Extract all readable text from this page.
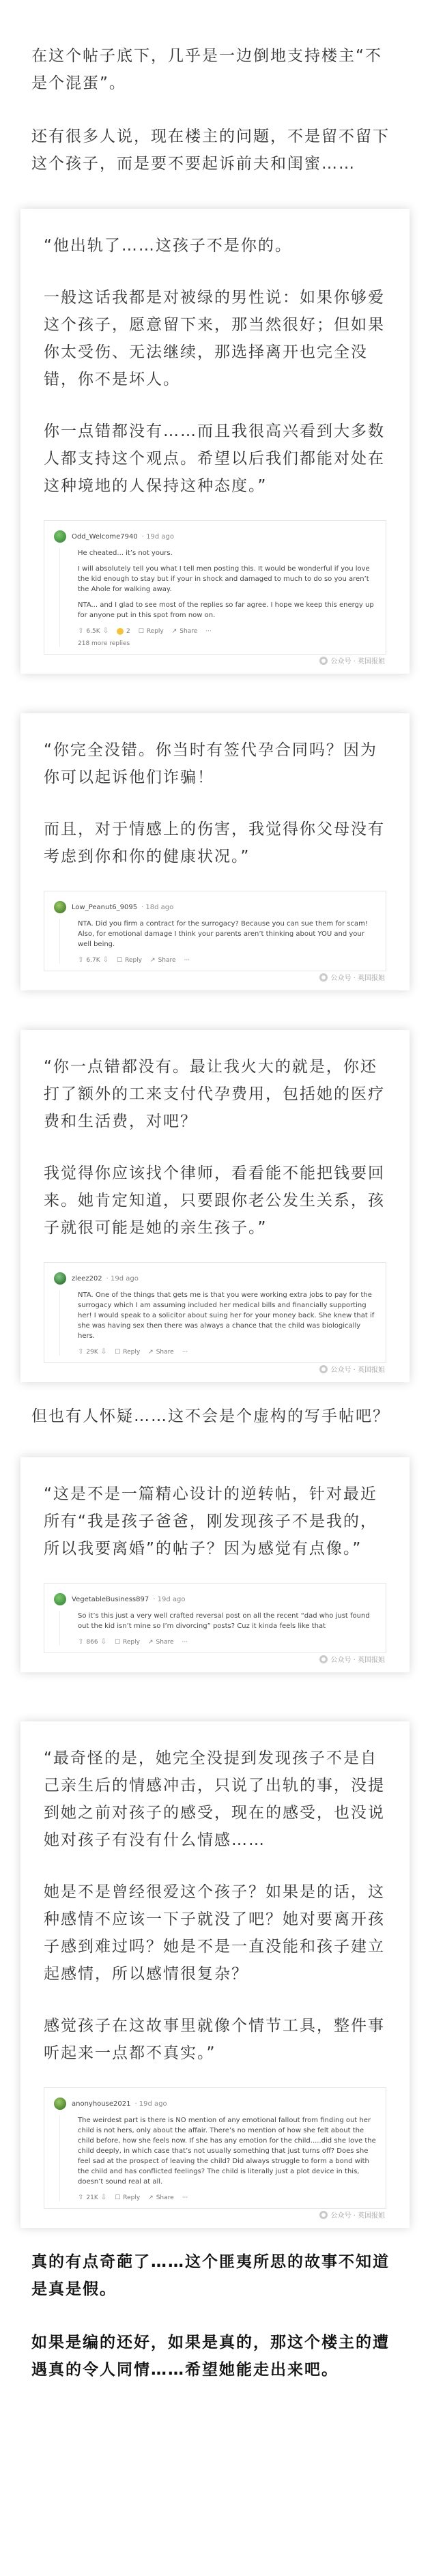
在这个帖子底下，几乎是一边倒地支持楼主“不是个混蛋”。

还有很多人说，现在楼主的问题，不是留不留下这个孩子，而是要不要起诉前夫和闺蜜……

“他出轨了……这孩子不是你的。

一般这话我都是对被绿的男性说：如果你够爱这个孩子，愿意留下来，那当然很好；但如果你太受伤、无法继续，那选择离开也完全没错，你不是坏人。

你一点错都没有……而且我很高兴看到大多数人都支持这个观点。希望以后我们都能对处在这种境地的人保持这种态度。”

Odd_Welcome7940 · 19d ago

He cheated... it’s not yours.

I will absolutely tell you what I tell men posting this. It would be wonderful if you love the kid enough to stay but if your in shock and damaged to much to do so you aren’t the Ahole for walking away.

NTA... and I glad to see most of the replies so far agree. I hope we keep this energy up for anyone put in this spot from now on.

⇧ 6.5K ⇩	2 ☐ Reply ↗ Share ···

218 more replies

公众号 · 英国报姐

“你完全没错。你当时有签代孕合同吗？因为你可以起诉他们诈骗！

而且，对于情感上的伤害，我觉得你父母没有考虑到你和你的健康状况。”

Low_Peanut6_9095 · 18d ago

NTA. Did you firm a contract for the surrogacy? Because you can sue them for scam! Also, for emotional damage I think your parents aren’t thinking about YOU and your well being.

⇧ 6.7K ⇩ ☐ Reply ↗ Share ···
公众号 · 英国报姐

“你一点错都没有。最让我火大的就是，你还打了额外的工来支付代孕费用，包括她的医疗费和生活费，对吧？

我觉得你应该找个律师，看看能不能把钱要回来。她肯定知道，只要跟你老公发生关系，孩子就很可能是她的亲生孩子。”

zleez202 · 19d ago

NTA. One of the things that gets me is that you were working extra jobs to pay for the surrogacy which I am assuming included her medical bills and financially supporting her! I would speak to a solicitor about suing her for your money back. She knew that if she was having sex then there was always a chance that the child was biologically hers.

⇧ 29K ⇩ ☐ Reply ↗ Share ···
公众号 · 英国报姐

但也有人怀疑……这不会是个虚构的写手帖吧？

“这是不是一篇精心设计的逆转帖，针对最近所有“我是孩子爸爸，刚发现孩子不是我的，所以我要离婚”的帖子？因为感觉有点像。”

VegetableBusiness897 · 19d ago

So it’s this just a very well crafted reversal post on all the recent “dad who just found out the kid isn’t mine so I’m divorcing” posts? Cuz it kinda feels like that

⇧ 866 ⇩ ☐ Reply ↗ Share ···
公众号 · 英国报姐

“最奇怪的是，她完全没提到发现孩子不是自己亲生后的情感冲击，只说了出轨的事，没提到她之前对孩子的感受，现在的感受，也没说她对孩子有没有什么情感……

她是不是曾经很爱这个孩子？如果是的话，这种感情不应该一下子就没了吧？她对要离开孩子感到难过吗？她是不是一直没能和孩子建立起感情，所以感情很复杂？

感觉孩子在这故事里就像个情节工具，整件事听起来一点都不真实。”

anonyhouse2021 · 19d ago

The weirdest part is there is NO mention of any emotional fallout from finding out her child is not hers, only about the affair. There’s no mention of how she felt about the child before, how she feels now. If she has any emotion for the child.....did she love the child deeply, in which case that’s not usually something that just turns off? Does she feel sad at the prospect of leaving the child? Did always struggle to form a bond with the child and has conflicted feelings? The child is literally just a plot device in this, doesn’t sound real at all.

⇧ 21K ⇩ ☐ Reply ↗ Share ···
公众号 · 英国报姐

真的有点奇葩了……这个匪夷所思的故事不知道是真是假。

如果是编的还好，如果是真的，那这个楼主的遭遇真的令人同情……希望她能走出来吧。
